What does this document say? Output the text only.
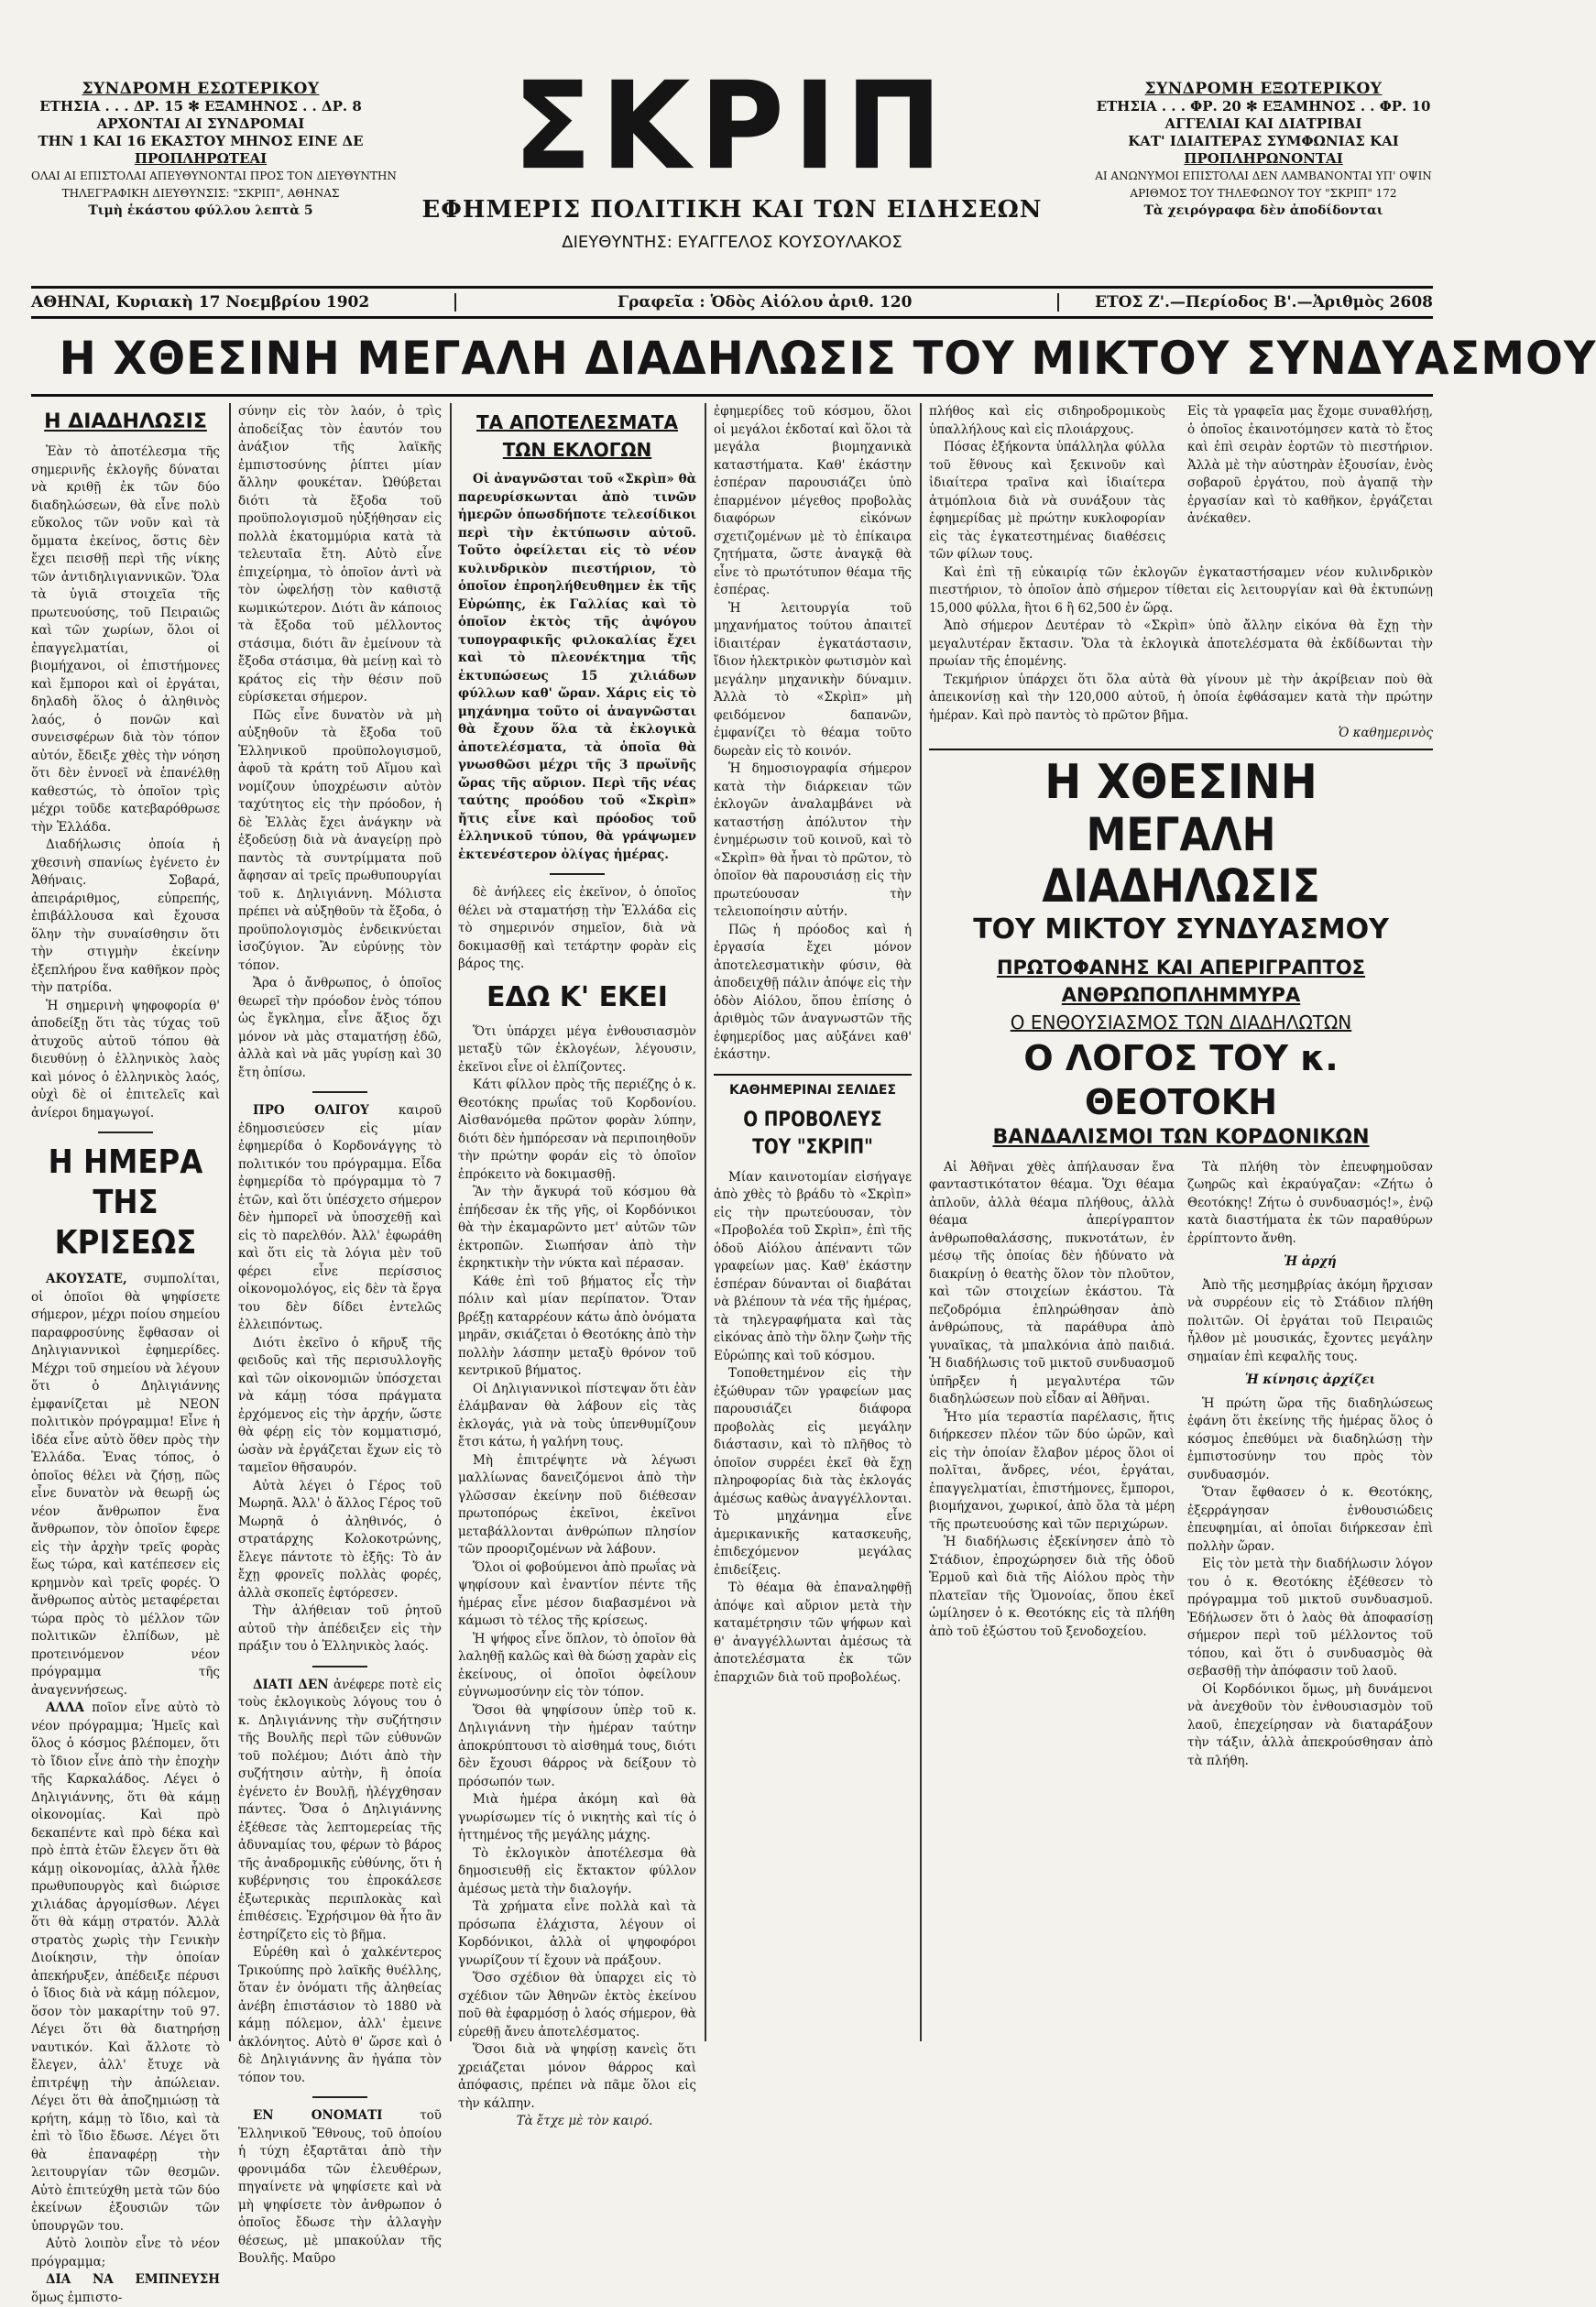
ΣΥΝΔΡΟΜΗ ΕΣΩΤΕΡΙΚΟΥ
ΕΤΗΣΙΑ . . . ΔΡ. 15 ✻ ΕΞΑΜΗΝΟΣ . . ΔΡ. 8
ΑΡΧΟΝΤΑΙ ΑΙ ΣΥΝΔΡΟΜΑΙ
ΤΗΝ 1 ΚΑΙ 16 ΕΚΑΣΤΟΥ ΜΗΝΟΣ ΕΙΝΕ ΔΕ
ΠΡΟΠΛΗΡΩΤΕΑΙ
ΟΛΑΙ ΑΙ ΕΠΙΣΤΟΛΑΙ ΑΠΕΥΘΥΝΟΝΤΑΙ ΠΡΟΣ ΤΟΝ ΔΙΕΥΘΥΝΤΗΝ
ΤΗΛΕΓΡΑΦΙΚΗ ΔΙΕΥΘΥΝΣΙΣ: "ΣΚΡΙΠ", ΑΘΗΝΑΣ
Τιμὴ ἑκάστου φύλλου λεπτὰ 5
ΣΚΡΙΠ
ΕΦΗΜΕΡΙΣ ΠΟΛΙΤΙΚΗ ΚΑΙ ΤΩΝ ΕΙΔΗΣΕΩΝ
ΔΙΕΥΘΥΝΤΗΣ: ΕΥΑΓΓΕΛΟΣ ΚΟΥΣΟΥΛΑΚΟΣ
ΣΥΝΔΡΟΜΗ ΕΞΩΤΕΡΙΚΟΥ
ΕΤΗΣΙΑ . . . ΦΡ. 20 ✻ ΕΞΑΜΗΝΟΣ . . ΦΡ. 10
ΑΓΓΕΛΙΑΙ ΚΑΙ ΔΙΑΤΡΙΒΑΙ
ΚΑΤ' ΙΔΙΑΙΤΕΡΑΣ ΣΥΜΦΩΝΙΑΣ ΚΑΙ
ΠΡΟΠΛΗΡΩΝΟΝΤΑΙ
ΑΙ ΑΝΩΝΥΜΟΙ ΕΠΙΣΤΟΛΑΙ ΔΕΝ ΛΑΜΒΑΝΟΝΤΑΙ ΥΠ' ΟΨΙΝ
ΑΡΙΘΜΟΣ ΤΟΥ ΤΗΛΕΦΩΝΟΥ ΤΟΥ "ΣΚΡΙΠ" 172
Τὰ χειρόγραφα δὲν ἀποδίδονται
ΑΘΗΝΑΙ, Κυριακὴ 17 Νοεμβρίου 1902	Γραφεῖα : Ὁδὸς Αἰόλου ἀριθ. 120	ΕΤΟΣ Ζ'.—Περίοδος Β'.—Ἀριθμὸς 2608
Η ΧΘΕΣΙΝΗ ΜΕΓΑΛΗ ΔΙΑΔΗΛΩΣΙΣ ΤΟΥ ΜΙΚΤΟΥ ΣΥΝΔΥΑΣΜΟΥ
Η ΔΙΑΔΗΛΩΣΙΣ

Ἐὰν τὸ ἀποτέλεσμα τῆς σημερινῆς ἐκλογῆς δύναται νὰ κριθῇ ἐκ τῶν δύο διαδηλώσεων, θὰ εἶνε πολὺ εὔκολος τῶν νοῦν καὶ τὰ ὄμματα ἐκείνος, ὅστις δὲν ἔχει πεισθῇ περὶ τῆς νίκης τῶν ἀντιδηλιγιαννικῶν. Ὅλα τὰ ὑγιᾶ στοιχεῖα τῆς πρωτευούσης, τοῦ Πειραιῶς καὶ τῶν χωρίων, ὅλοι οἱ ἐπαγγελματίαι, οἱ βιομήχανοι, οἱ ἐπιστήμονες καὶ ἔμποροι καὶ οἱ ἐργάται, δηλαδὴ ὅλος ὁ ἀληθινὸς λαός, ὁ πονῶν καὶ συνεισφέρων διὰ τὸν τόπον αὐτόν, ἔδειξε χθὲς τὴν νόηση ὅτι δὲν ἐννοεῖ νὰ ἐπανέλθῃ καθεστώς, τὸ ὁποῖον τρὶς μέχρι τοῦδε κατεβαρόθρωσε τὴν Ἑλλάδα.

Διαδήλωσις ὁποία ἡ χθεσινὴ σπανίως ἐγένετο ἐν Ἀθήναις. Σοβαρά, ἀπειράριθμος, εὐπρεπής, ἐπιβάλλουσα καὶ ἔχουσα ὅλην τὴν συναίσθησιν ὅτι τὴν στιγμὴν ἐκείνην ἐξεπλήρου ἕνα καθῆκον πρὸς τὴν πατρίδα.

Ἡ σημερινὴ ψηφοφορία θ' ἀποδείξῃ ὅτι τὰς τύχας τοῦ ἀτυχοῦς αὐτοῦ τόπου θὰ διευθύνῃ ὁ ἑλληνικὸς λαὸς καὶ μόνος ὁ ἑλληνικὸς λαός, οὐχὶ δὲ οἱ ἐπιτελεῖς καὶ ἀνίεροι δημαγωγοί.

Η ΗΜΕΡΑ
ΤΗΣ ΚΡΙΣΕΩΣ

ΑΚΟΥΣΑΤΕ, συμπολίται, οἱ ὁποῖοι θὰ ψηφίσετε σήμερον, μέχρι ποίου σημείου παραφροσύνης ἔφθασαν οἱ Δηλιγιαννικοὶ ἐφημερίδες. Μέχρι τοῦ σημείου νὰ λέγουν ὅτι ὁ Δηλιγιάννης ἐμφανίζεται μὲ ΝΕΟΝ πολιτικὸν πρόγραμμα! Εἶνε ἡ ἰδέα εἶνε αὐτὸ ὅθεν πρὸς τὴν Ἑλλάδα. Ἐνας τόπος, ὁ ὁποῖος θέλει νὰ ζήσῃ, πῶς εἶνε δυνατὸν νὰ θεωρῇ ὡς νέον ἄνθρωπον ἕνα ἄνθρωπον, τὸν ὁποῖον ἔφερε εἰς τὴν ἀρχὴν τρεῖς φορὰς ἕως τώρα, καὶ κατέπεσεν εἰς κρημνὸν καὶ τρεῖς φορές. Ὁ ἄνθρωπος αὐτὸς μεταφέρεται τώρα πρὸς τὸ μέλλον τῶν πολιτικῶν ἐλπίδων, μὲ προτεινόμενον νέον πρόγραμμα τῆς ἀναγεννήσεως.

ΑΛΛΑ ποῖον εἶνε αὐτὸ τὸ νέον πρόγραμμα; Ἡμεῖς καὶ ὅλος ὁ κόσμος βλέπομεν, ὅτι τὸ ἴδιον εἶνε ἀπὸ τὴν ἐποχὴν τῆς Καρκαλάδος. Λέγει ὁ Δηλιγιάννης, ὅτι θὰ κάμῃ οἰκονομίας. Καὶ πρὸ δεκαπέντε καὶ πρὸ δέκα καὶ πρὸ ἑπτὰ ἐτῶν ἔλεγεν ὅτι θὰ κάμῃ οἰκονομίας, ἀλλὰ ἦλθε πρωθυπουργὸς καὶ διώρισε χιλιάδας ἀργομίσθων. Λέγει ὅτι θὰ κάμῃ στρατόν. Ἀλλὰ στρατὸς χωρὶς τὴν Γενικὴν Διοίκησιν, τὴν ὁποίαν ἀπεκήρυξεν, ἀπέδειξε πέρυσι ὁ ἴδιος διὰ νὰ κάμῃ πόλεμον, ὅσον τὸν μακαρίτην τοῦ 97. Λέγει ὅτι θὰ διατηρήσῃ ναυτικόν. Καὶ ἄλλοτε τὸ ἔλεγεν, ἀλλ' ἔτυχε νὰ ἐπιτρέψῃ τὴν ἀπώλειαν. Λέγει ὅτι θὰ ἀποζημιώσῃ τὰ κρήτη, κάμῃ τὸ ἴδιο, καὶ τὰ ἐπὶ τὸ ἴδιο ἔδωσε. Λέγει ὅτι θὰ ἐπαναφέρῃ τὴν λειτουργίαν τῶν θεσμῶν. Αὐτὸ ἐπιτεύχθη μετὰ τῶν δύο ἐκείνων ἐξουσιῶν τῶν ὑπουργῶν του.

Αὐτὸ λοιπὸν εἶνε τὸ νέον πρόγραμμα;

ΔΙΑ ΝΑ ΕΜΠΝΕΥΣΗ ὅμως ἐμπιστο-

σύνην εἰς τὸν λαόν, ὁ τρὶς ἀποδείξας τὸν ἑαυτόν του ἀνάξιον τῆς λαϊκῆς ἐμπιστοσύνης ῥίπτει μίαν ἄλλην φουκέταν. Ὠθύβεται διότι τὰ ἔξοδα τοῦ προϋπολογισμοῦ ηὐξήθησαν εἰς πολλὰ ἑκατομμύρια κατὰ τὰ τελευταῖα ἔτη. Αὐτὸ εἶνε ἐπιχείρημα, τὸ ὁποῖον ἀντὶ νὰ τὸν ὠφελήσῃ τὸν καθιστᾷ κωμικώτερον. Διότι ἂν κάποιος τὰ ἔξοδα τοῦ μέλλοντος στάσιμα, διότι ἂν ἐμείνουν τὰ ἔξοδα στάσιμα, θὰ μείνῃ καὶ τὸ κράτος εἰς τὴν θέσιν ποῦ εὑρίσκεται σήμερον.

Πῶς εἶνε δυνατὸν νὰ μὴ αὐξηθοῦν τὰ ἔξοδα τοῦ Ἑλληνικοῦ προϋπολογισμοῦ, ἀφοῦ τὰ κράτη τοῦ Αἵμου καὶ νομίζουν ὑποχρέωσιν αὐτὸν ταχύτητος εἰς τὴν πρόοδον, ἡ δὲ Ἑλλὰς ἔχει ἀνάγκην νὰ ἐξοδεύσῃ διὰ νὰ ἀναγείρῃ πρὸ παντὸς τὰ συντρίμματα ποῦ ἄφησαν αἱ τρεῖς πρωθυπουργίαι τοῦ κ. Δηλιγιάννη. Μόλιστα πρέπει νὰ αὐξηθοῦν τὰ ἔξοδα, ὁ προϋπολογισμὸς ἐνδεικνύεται ἰσοζύγιον. Ἂν εὐρύνῃς τὸν τόπον.

Ἄρα ὁ ἄνθρωπος, ὁ ὁποῖος θεωρεῖ τὴν πρόοδον ἑνὸς τόπου ὡς ἔγκλημα, εἶνε ἄξιος ὄχι μόνον νὰ μὰς σταματήσῃ ἐδῶ, ἀλλὰ καὶ νὰ μᾶς γυρίσῃ καὶ 30 ἔτη ὀπίσω.

ΠΡΟ ΟΛΙΓΟΥ καιροῦ ἐδημοσιεύσεν εἰς μίαν ἐφημερίδα ὁ Κορδονάγγης τὸ πολιτικόν του πρόγραμμα. Εἶδα ἐφημερίδα τὸ πρόγραμμα τὸ 7 ἐτῶν, καὶ ὅτι ὑπέσχετο σήμερον δὲν ἠμπορεῖ νὰ ὑποσχεθῇ καὶ εἰς τὸ παρελθόν. Ἀλλ' ἐφωράθη καὶ ὅτι εἰς τὰ λόγια μὲν τοῦ φέρει εἶνε περίσσιος οἰκονομολόγος, εἰς δὲν τὰ ἔργα του δὲν δίδει ἐντελῶς ἐλλειπόντως.

Διότι ἐκεῖνο ὁ κῆρυξ τῆς φειδοῦς καὶ τῆς περισυλλογῆς καὶ τῶν οἰκονομιῶν ὑπόσχεται νὰ κάμῃ τόσα πράγματα ἐρχόμενος εἰς τὴν ἀρχήν, ὥστε θὰ φέρῃ εἰς τὸν κομματισμό, ὡσὰν νὰ ἐργάζεται ἔχων εἰς τὸ ταμεῖον θῆσαυρόν.

Αὐτὰ λέγει ὁ Γέρος τοῦ Μωρηᾶ. Ἀλλ' ὁ ἄλλος Γέρος τοῦ Μωρηᾶ ὁ ἀληθινός, ὁ στρατάρχης Κολοκοτρώνης, ἔλεγε πάντοτε τὸ ἐξῆς: Τὸ ἀν ἔχῃ φρονεῖς πολλὰς φορές, ἀλλὰ σκοπεῖς ἐφτόρεσεν.

Τὴν ἀλήθειαν τοῦ ῥητοῦ αὐτοῦ τὴν ἀπέδειξεν εἰς τὴν πράξιν του ὁ Ἑλληνικὸς λαός.

ΔΙΑΤΙ ΔΕΝ ἀνέφερε ποτὲ εἰς τοὺς ἐκλογικοὺς λόγους του ὁ κ. Δηλιγιάννης τὴν συζήτησιν τῆς Βουλῆς περὶ τῶν εὐθυνῶν τοῦ πολέμου; Διότι ἀπὸ τὴν συζήτησιν αὐτὴν, ἢ ὁποία ἐγένετο ἐν Βουλῇ, ἠλέγχθησαν πάντες. Ὅσα ὁ Δηλιγιάννης ἐξέθεσε τὰς λεπτομερείας τῆς ἀδυναμίας του, φέρων τὸ βάρος τῆς ἀναδρομικῆς εὐθύνης, ὅτι ἡ κυβέρνησις του ἐπροκάλεσε ἐξωτερικὰς περιπλοκὰς καὶ ἐπιθέσεις. Ἐχρήσιμον θὰ ἦτο ἂν ἐστηρίζετο εἰς τὸ βῆμα.

Εὑρέθη καὶ ὁ χαλκέντερος Τρικούπης πρὸ λαϊκῆς θυέλλης, ὅταν ἐν ὀνόματι τῆς ἀληθείας ἀνέβη ἐπιστάσιον τὸ 1880 νὰ κάμῃ πόλεμον, ἀλλ' ἐμεινε ἀκλόνητος. Αὐτὸ θ' ὥρσε καὶ ὁ δὲ Δηλιγιάννης ἂν ἠγάπα τὸν τόπον του.

ΕΝ ΟΝΟΜΑΤΙ	τοῦ Ἑλληνικοῦ Ἔθνους, τοῦ ὁποίου ἡ τύχη ἐξαρτᾶται ἀπὸ τὴν φρονιμάδα τῶν ἐλευθέρων, πηγαίνετε νὰ ψηφίσετε καὶ νὰ μὴ ψηφίσετε τὸν ἀνθρωπον ὁ ὁποῖος ἔδωσε τὴν ἀλλαγὴν θέσεως, μὲ μπακούλαν τῆς Βουλῆς. Μαῦρο

ΤΑ ΑΠΟΤΕΛΕΣΜΑΤΑ ΤΩΝ ΕΚΛΟΓΩΝ

Οἱ ἀναγνῶσται τοῦ «Σκρὶπ» θὰ παρευρίσκωνται ἀπὸ τινῶν ἡμερῶν ὁπωσδήποτε τελεσίδικοι περὶ τὴν ἐκτύπωσιν αὐτοῦ. Τοῦτο ὀφείλεται εἰς τὸ νέον κυλινδρικὸν πιεστήριον, τὸ ὁποῖον ἐπροηλήθευθημεν ἐκ τῆς Εὐρώπης, ἐκ Γαλλίας καὶ τὸ ὁποῖον ἐκτὸς τῆς ἀψόγου τυπογραφικῆς φιλοκαλίας ἔχει καὶ τὸ πλεονέκτημα τῆς ἐκτυπώσεως 15 χιλιάδων φύλλων καθ' ὥραν. Χάρις εἰς τὸ μηχάνημα τοῦτο οἱ ἀναγνῶσται θὰ ἔχουν ὅλα τὰ ἐκλογικὰ ἀποτελέσματα, τὰ ὁποῖα θὰ γνωσθῶσι μέχρι τῆς 3 πρωϊνῆς ὥρας τῆς αὔριον. Περὶ τῆς νέας ταύτης προόδου τοῦ «Σκρὶπ» ἤτις εἶνε καὶ πρόοδος τοῦ ἑλληνικοῦ τύπου, θὰ γράψωμεν ἐκτενέστερον ὀλίγας ἡμέρας.

δὲ ἀνήλεες εἰς ἐκεῖνον, ὁ ὁποῖος θέλει νὰ σταματήσῃ τὴν Ἑλλάδα εἰς τὸ σημερινόν σημεῖον, διὰ νὰ δοκιμασθῇ καὶ τετάρτην φορὰν εἰς βάρος της.

ΕΔΩ Κ' ΕΚΕΙ

Ὅτι ὑπάρχει μέγα ἐνθουσιασμὸν μεταξὺ τῶν ἐκλογέων, λέγουσιν, ἐκεῖνοι εἶνε οἱ ἐλπίζοντες.

Κάτι φίλλον πρὸς τῆς περιέζης ὁ κ. Θεοτόκης πρωΐας τοῦ Κορδονίου. Αἰσθανόμεθα πρῶτον φορὰν λύπην, διότι δὲν ἠμπόρεσαν νὰ περιποιηθοῦν τὴν πρώτην φοράν εἰς τὸ ὁποῖον ἐπρόκειτο νὰ δοκιμασθῇ.

Ἂν τὴν ἄγκυρά τοῦ κόσμου θὰ ἐπήδεσαν ἐκ τῆς γῆς, οἱ Κορδόνικοι θὰ τὴν ἐκαμαρῶντο μετ' αὐτῶν τῶν ἐκτροπῶν. Σιωπήσαν ἀπὸ τὴν ἐκρηκτικὴν τὴν νύκτα καὶ πέρασαν.

Κάθε ἐπὶ τοῦ βήματος εἶς τὴν πόλιν καὶ μίαν περίπατον. Ὅταν βρέξῃ καταρρέουν κάτω ἀπὸ ὀνόματα μηρᾶν, σκιάζεται ὁ Θεοτόκης ἀπὸ τὴν πολλὴν λάσπην μεταξὺ θρόνον τοῦ κεντρικοῦ βήματος.

Οἱ Δηλιγιαννικοὶ πίστεψαν ὅτι ἐὰν ἐλάμβαναν θὰ λάβουν εἰς τὰς ἐκλογάς, γιὰ νὰ τοὺς ὑπενθυμίζουν ἔτσι κάτω, ἡ γαλήνη τους.

Μὴ ἐπιτρέψητε νὰ λέγωσι μαλλίωνας δανειζόμενοι ἀπὸ τὴν γλῶσσαν ἐκείνην ποῦ διέθεσαν πρωτοπόρως ἐκεῖνοι, ἐκεῖνοι μεταβάλλονται ἀνθρώπων πλησίον τῶν προοριζομένων νὰ λάβουν.

Ὅλοι οἱ φοβούμενοι ἀπὸ πρωΐας νὰ ψηφίσουν καὶ ἐναντίον πέντε τῆς ἡμέρας εἶνε μέσον διαβασμένοι νὰ κάμωσι τὸ τέλος τῆς κρίσεως.

Ἡ ψήφος εἶνε ὅπλον, τὸ ὁποῖον θὰ λαληθῇ καλῶς καὶ θὰ δώσῃ χαρὰν εἰς ἐκείνους, οἱ ὁποῖοι ὀφείλουν εὐγνωμοσύνην εἰς τὸν τόπον.

Ὅσοι θὰ ψηφίσουν ὑπὲρ τοῦ κ. Δηλιγιάννη τὴν ἡμέραν ταύτην ἀποκρύπτουσι τὸ αἰσθημά τους, διότι δὲν ἔχουσι θάρρος νὰ δείξουν τὸ πρόσωπόν των.

Μιὰ ἡμέρα ἀκόμη καὶ θὰ γνωρίσωμεν τίς ὁ νικητὴς καὶ τίς ὁ ἡττημένος τῆς μεγάλης μάχης.

Τὸ ἐκλογικὸν ἀποτέλεσμα θὰ δημοσιευθῇ εἰς ἔκτακτον φύλλον ἀμέσως μετὰ τὴν διαλογήν.

Τὰ χρήματα εἶνε πολλὰ καὶ τὰ πρόσωπα ἐλάχιστα, λέγουν οἱ Κορδόνικοι, ἀλλὰ οἱ ψηφοφόροι γνωρίζουν τί ἔχουν νὰ πράξουν.

Ὅσο σχέδιον θὰ ὑπαρχει εἰς τὸ σχέδιον τῶν Ἀθηνῶν ἐκτὸς ἐκείνου ποῦ θὰ ἐφαρμόσῃ ὁ λαός σήμερον, θὰ εὑρεθῇ ἄνευ ἀποτελέσματος.

Ὅσοι διὰ νὰ ψηφίσῃ κανεὶς ὅτι χρειάζεται μόνον θάρρος καὶ ἀπόφασις, πρέπει νὰ πᾶμε ὅλοι εἰς τὴν κάλπην.

Τὰ ἔτχε μὲ τὸν καιρό.

ἐφημερίδες τοῦ κόσμου, ὅλοι οἱ μεγάλοι ἐκδοταί καὶ ὅλοι τὰ μεγάλα βιομηχανικὰ καταστήματα. Καθ' ἑκάστην ἑσπέραν παρουσιάζει ὑπὸ ἐπαρμένον μέγεθος προβολὰς διαφόρων εἰκόνων σχετιζομένων μὲ τὸ ἐπίκαιρα ζητήματα, ὥστε ἀναγκᾷ θὰ εἶνε τὸ πρωτότυπον θέαμα τῆς ἐσπέρας.

Ἡ λειτουργία τοῦ μηχανήματος τούτου ἀπαιτεῖ ἰδιαιτέραν ἐγκατάστασιν, ἴδιον ἡλεκτρικὸν φωτισμὸν καὶ μεγάλην μηχανικὴν δύναμιν. Ἀλλὰ τὸ «Σκρὶπ» μὴ φειδόμενον δαπανῶν, ἐμφανίζει τὸ θέαμα τοῦτο δωρεὰν εἰς τὸ κοινόν.

Ἡ δημοσιογραφία σήμερον κατὰ τὴν διάρκειαν τῶν ἐκλογῶν ἀναλαμβάνει νὰ καταστήσῃ ἀπόλυτον τὴν ἐνημέρωσιν τοῦ κοινοῦ, καὶ τὸ «Σκρὶπ» θὰ ἦναι τὸ πρῶτον, τὸ ὁποῖον θὰ παρουσιάσῃ εἰς τὴν πρωτεύουσαν τὴν τελειοποίησιν αὐτήν.

Πῶς ἡ πρόοδος καὶ ἡ ἐργασία ἔχει μόνον ἀποτελεσματικὴν φύσιν, θὰ ἀποδειχθῇ πάλιν ἀπόψε εἰς τὴν ὁδὸν Αἰόλου, ὅπου ἐπίσης ὁ ἀριθμὸς τῶν ἀναγνωστῶν τῆς ἐφημερίδος μας αὐξάνει καθ' ἑκάστην.

ΚΑΘΗΜΕΡΙΝΑΙ ΣΕΛΙΔΕΣ
Ο ΠΡΟΒΟΛΕΥΣ ΤΟΥ "ΣΚΡΙΠ"

Μίαν καινοτομίαν εἰσήγαγε ἀπὸ χθὲς τὸ βράδυ τὸ «Σκρὶπ» εἰς τὴν πρωτεύουσαν, τὸν «Προβολέα τοῦ Σκρὶπ», ἐπὶ τῆς ὁδοῦ Αἰόλου ἀπέναντι τῶν γραφείων μας. Καθ' ἑκάστην ἑσπέραν δύνανται οἱ διαβάται νὰ βλέπουν τὰ νέα τῆς ἡμέρας, τὰ τηλεγραφήματα καὶ τὰς εἰκόνας ἀπὸ τὴν ὅλην ζωὴν τῆς Εὐρώπης καὶ τοῦ κόσμου.

Τοποθετημένον εἰς τὴν ἐξώθυραν τῶν γραφείων μας παρουσιάζει διάφορα προβολὰς εἰς μεγάλην διάστασιν, καὶ τὸ πλῆθος τὸ ὁποῖον συρρέει ἐκεῖ θὰ ἔχῃ πληροφορίας διὰ τὰς ἐκλογάς ἀμέσως καθὼς ἀναγγέλλονται. Τὸ μηχάνημα εἶνε ἀμερικανικῆς κατασκευῆς, ἐπιδεχόμενον μεγάλας ἐπιδείξεις.

Τὸ θέαμα θὰ ἐπαναληφθῇ ἀπόψε καὶ αὔριον μετὰ τὴν καταμέτρησιν τῶν ψήφων καὶ θ' ἀναγγέλλωνται ἀμέσως τὰ ἀποτελέσματα ἐκ τῶν ἐπαρχιῶν διὰ τοῦ προβολέως.

πλήθος καὶ εἰς σιδηροδρομικοὺς ὑπαλλήλους καὶ εἰς πλοιάρχους.

Πόσας ἐξήκοντα ὑπάλληλα φύλλα τοῦ ἔθνους καὶ ξεκινοῦν καὶ ἰδιαίτερα τραῖνα καὶ ἰδιαίτερα ἀτμόπλοια διὰ νὰ συνάξουν τὰς ἐφημερίδας μὲ πρώτην κυκλοφορίαν εἰς τὰς ἐγκατεστημένας διαθέσεις τῶν φίλων τους.

Εἰς τὰ γραφεῖα μας ἔχομε συναθλήσῃ, ὁ ὁποῖος ἐκαινοτόμησεν κατὰ τὸ ἔτος καὶ ἐπὶ σειρὰν ἑορτῶν τὸ πιεστήριον. Ἀλλὰ μὲ τὴν αὐστηρὰν ἐξουσίαν, ἑνὸς σοβαροῦ ἐργάτου, ποὺ ἀγαπᾷ τὴν ἐργασίαν καὶ τὸ καθῆκον, ἐργάζεται ἀνέκαθεν.

Καὶ ἐπὶ τῇ εὐκαιρίᾳ τῶν ἐκλογῶν ἐγκαταστήσαμεν νέον κυλινδρικὸν πιεστήριον, τὸ ὁποῖον ἀπὸ σήμερον τίθεται εἰς λειτουργίαν καὶ θὰ ἐκτυπώνῃ 15,000 φύλλα, ἢτοι 6 ἢ 62,500 ἐν ὥρᾳ.

Ἀπὸ σήμερον Δευτέραν τὸ «Σκρὶπ» ὑπὸ ἄλλην εἰκόνα θὰ ἔχῃ τὴν μεγαλυτέραν ἔκτασιν. Ὅλα τὰ ἐκλογικὰ ἀποτελέσματα θὰ ἐκδίδωνται τὴν πρωίαν τῆς ἑπομένης.

Τεκμήριον ὑπάρχει ὅτι ὅλα αὐτὰ θὰ γίνουν μὲ τὴν ἀκρίβειαν ποὺ θὰ ἀπεικονίσῃ καὶ τὴν 120,000 αὐτοῦ, ἡ ὁποία ἐφθάσαμεν κατὰ τὴν πρώτην ἡμέραν. Καὶ πρὸ παντὸς τὸ πρῶτον βῆμα.

Ὁ καθημερινὸς

Η ΧΘΕΣΙΝΗ
ΜΕΓΑΛΗ ΔΙΑΔΗΛΩΣΙΣ
ΤΟΥ ΜΙΚΤΟΥ ΣΥΝΔΥΑΣΜΟΥ
ΠΡΩΤΟΦΑΝΗΣ ΚΑΙ ΑΠΕΡΙΓΡΑΠΤΟΣ ΑΝΘΡΩΠΟΠΛΗΜΜΥΡΑ
Ο ΕΝΘΟΥΣΙΑΣΜΟΣ ΤΩΝ ΔΙΑΔΗΛΩΤΩΝ
Ο ΛΟΓΟΣ ΤΟΥ κ. ΘΕΟΤΟΚΗ
ΒΑΝΔΑΛΙΣΜΟΙ ΤΩΝ ΚΟΡΔΟΝΙΚΩΝ

Αἱ Ἀθῆναι χθὲς ἀπήλαυσαν ἕνα φανταστικότατον θέαμα. Ὅχι θέαμα ἀπλοῦν, ἀλλὰ θέαμα πλήθους, ἀλλὰ θέαμα ἀπερίγραπτον ἀνθρωποθαλάσσης, πυκνοτάτων, ἐν μέσῳ τῆς ὁποίας δὲν ἠδύνατο νὰ διακρίνῃ ὁ θεατὴς ὅλον τὸν πλοῦτον, καὶ τῶν στοιχείων ἑκάστου. Τὰ πεζοδρόμια ἐπληρώθησαν ἀπὸ ἀνθρώπους, τὰ παράθυρα ἀπὸ γυναῖκας, τὰ μπαλκόνια ἀπὸ παιδιά. Ἡ διαδήλωσις τοῦ μικτοῦ συνδυασμοῦ ὑπῆρξεν ἡ μεγαλυτέρα τῶν διαδηλώσεων ποὺ εἶδαν αἱ Ἀθῆναι.

Ἦτο μία τεραστία παρέλασις, ἥτις διήρκεσεν πλέον τῶν δύο ὡρῶν, καὶ εἰς τὴν ὁποίαν ἔλαβον μέρος ὅλοι οἱ πολῖται, ἄνδρες, νέοι, ἐργάται, ἐπαγγελματίαι, ἐπιστήμονες, ἔμποροι, βιομήχανοι, χωρικοί, ἀπὸ ὅλα τὰ μέρη τῆς πρωτευούσης καὶ τῶν περιχώρων.

Ἡ διαδήλωσις ἐξεκίνησεν ἀπὸ τὸ Στάδιον, ἐπροχώρησεν διὰ τῆς ὁδοῦ Ἑρμοῦ καὶ διὰ τῆς Αἰόλου πρὸς τὴν πλατεῖαν τῆς Ὁμονοίας, ὅπου ἐκεῖ ὡμίλησεν ὁ κ. Θεοτόκης εἰς τὰ πλήθη ἀπὸ τοῦ ἐξώστου τοῦ ξενοδοχείου.

Τὰ πλήθη τὸν ἐπευφημοῦσαν ζωηρῶς καὶ ἐκραύγαζαν: «Ζήτω ὁ Θεοτόκης! Ζήτω ὁ συνδυασμός!», ἐνῷ κατὰ διαστήματα ἐκ τῶν παραθύρων ἐρρίπτοντο ἄνθη.

Ἡ ἀρχή

Ἀπὸ τῆς μεσημβρίας ἀκόμη ἤρχισαν νὰ συρρέουν εἰς τὸ Στάδιον πλήθη πολιτῶν. Οἱ ἐργάται τοῦ Πειραιῶς ἦλθον μὲ μουσικάς, ἔχοντες μεγάλην σημαίαν ἐπὶ κεφαλῆς τους.

Ἡ κίνησις ἀρχίζει

Ἡ πρώτη ὥρα τῆς διαδηλώσεως ἐφάνη ὅτι ἐκείνης τῆς ἡμέρας ὅλος ὁ κόσμος ἐπεθύμει νὰ διαδηλώσῃ τὴν ἐμπιστοσύνην του πρὸς τὸν συνδυασμόν.

Ὅταν ἔφθασεν ὁ κ. Θεοτόκης, ἐξερράγησαν ἐνθουσιώδεις ἐπευφημίαι, αἱ ὁποῖαι διήρκεσαν ἐπὶ πολλὴν ὥραν.

Εἰς τὸν μετὰ τὴν διαδήλωσιν λόγον του ὁ κ. Θεοτόκης ἐξέθεσεν τὸ πρόγραμμα τοῦ μικτοῦ συνδυασμοῦ. Ἐδήλωσεν ὅτι ὁ λαὸς θὰ ἀποφασίσῃ σήμερον περὶ τοῦ μέλλοντος τοῦ τόπου, καὶ ὅτι ὁ συνδυασμὸς θὰ σεβασθῇ τὴν ἀπόφασιν τοῦ λαοῦ.

Οἱ Κορδόνικοι ὅμως, μὴ δυνάμενοι νὰ ἀνεχθοῦν τὸν ἐνθουσιασμὸν τοῦ λαοῦ, ἐπεχείρησαν νὰ διαταράξουν τὴν τάξιν, ἀλλὰ ἀπεκρούσθησαν ἀπὸ τὰ πλήθη.
